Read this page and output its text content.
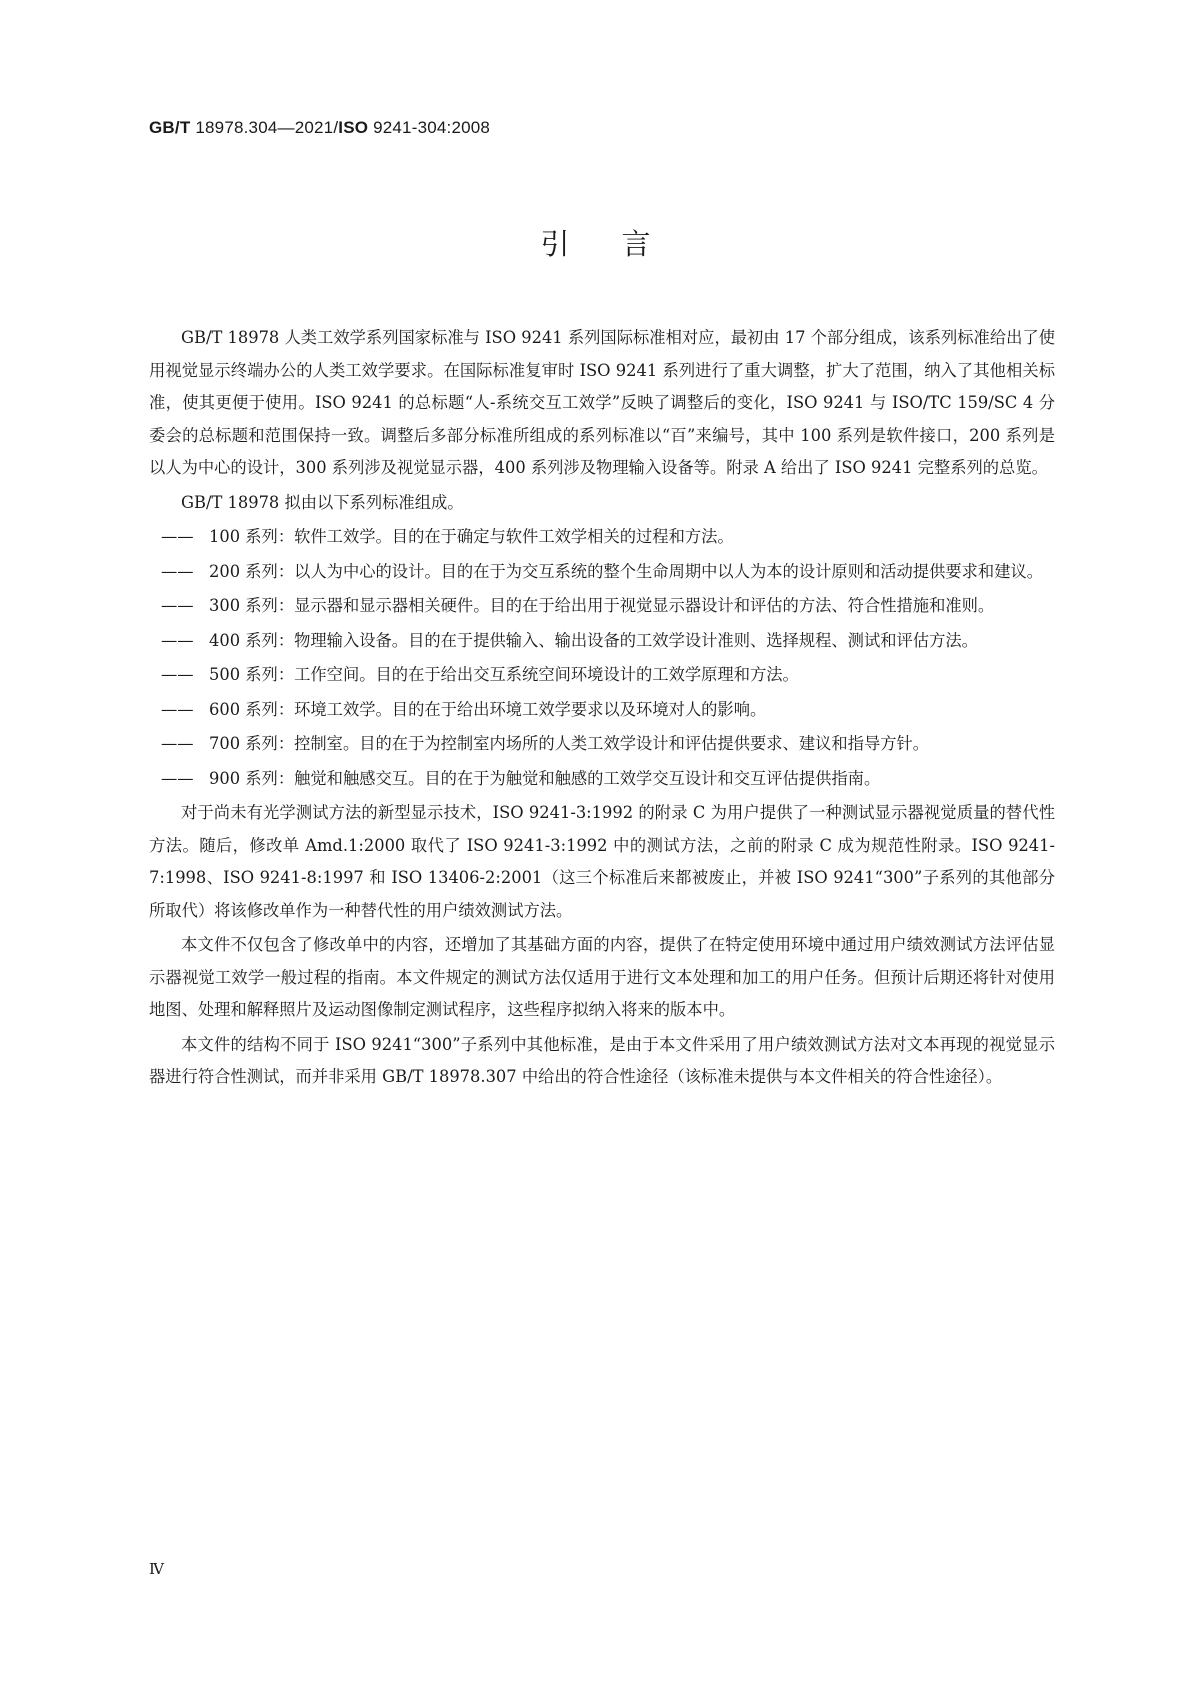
GB/T 18978.304—2021/ISO 9241-304:2008
引言

GB/T 18978 人类工效学系列国家标准与 ISO 9241 系列国际标准相对应，最初由 17 个部分组成，该系列标准给出了使用视觉显示终端办公的人类工效学要求。在国际标准复审时 ISO 9241 系列进行了重大调整，扩大了范围，纳入了其他相关标准，使其更便于使用。ISO 9241 的总标题“人-系统交互工效学”反映了调整后的变化，ISO 9241 与 ISO/TC 159/SC 4 分委会的总标题和范围保持一致。调整后多部分标准所组成的系列标准以“百”来编号，其中 100 系列是软件接口，200 系列是以人为中心的设计，300 系列涉及视觉显示器，400 系列涉及物理输入设备等。附录 A 给出了 ISO 9241 完整系列的总览。

GB/T 18978 拟由以下系列标准组成。

—— 100 系列：软件工效学。目的在于确定与软件工效学相关的过程和方法。
—— 200 系列：以人为中心的设计。目的在于为交互系统的整个生命周期中以人为本的设计原则和活动提供要求和建议。
—— 300 系列：显示器和显示器相关硬件。目的在于给出用于视觉显示器设计和评估的方法、符合性措施和准则。
—— 400 系列：物理输入设备。目的在于提供输入、输出设备的工效学设计准则、选择规程、测试和评估方法。
—— 500 系列：工作空间。目的在于给出交互系统空间环境设计的工效学原理和方法。
—— 600 系列：环境工效学。目的在于给出环境工效学要求以及环境对人的影响。
—— 700 系列：控制室。目的在于为控制室内场所的人类工效学设计和评估提供要求、建议和指导方针。
—— 900 系列：触觉和触感交互。目的在于为触觉和触感的工效学交互设计和交互评估提供指南。

对于尚未有光学测试方法的新型显示技术，ISO 9241-3:1992 的附录 C 为用户提供了一种测试显示器视觉质量的替代性方法。随后，修改单 Amd.1:2000 取代了 ISO 9241-3:1992 中的测试方法，之前的附录 C 成为规范性附录。ISO 9241-7:1998、ISO 9241-8:1997 和 ISO 13406-2:2001（这三个标准后来都被废止，并被 ISO 9241“300”子系列的其他部分所取代）将该修改单作为一种替代性的用户绩效测试方法。

本文件不仅包含了修改单中的内容，还增加了其基础方面的内容，提供了在特定使用环境中通过用户绩效测试方法评估显示器视觉工效学一般过程的指南。本文件规定的测试方法仅适用于进行文本处理和加工的用户任务。但预计后期还将针对使用地图、处理和解释照片及运动图像制定测试程序，这些程序拟纳入将来的版本中。

本文件的结构不同于 ISO 9241“300”子系列中其他标准，是由于本文件采用了用户绩效测试方法对文本再现的视觉显示器进行符合性测试，而并非采用 GB/T 18978.307 中给出的符合性途径（该标准未提供与本文件相关的符合性途径）。

Ⅳ
